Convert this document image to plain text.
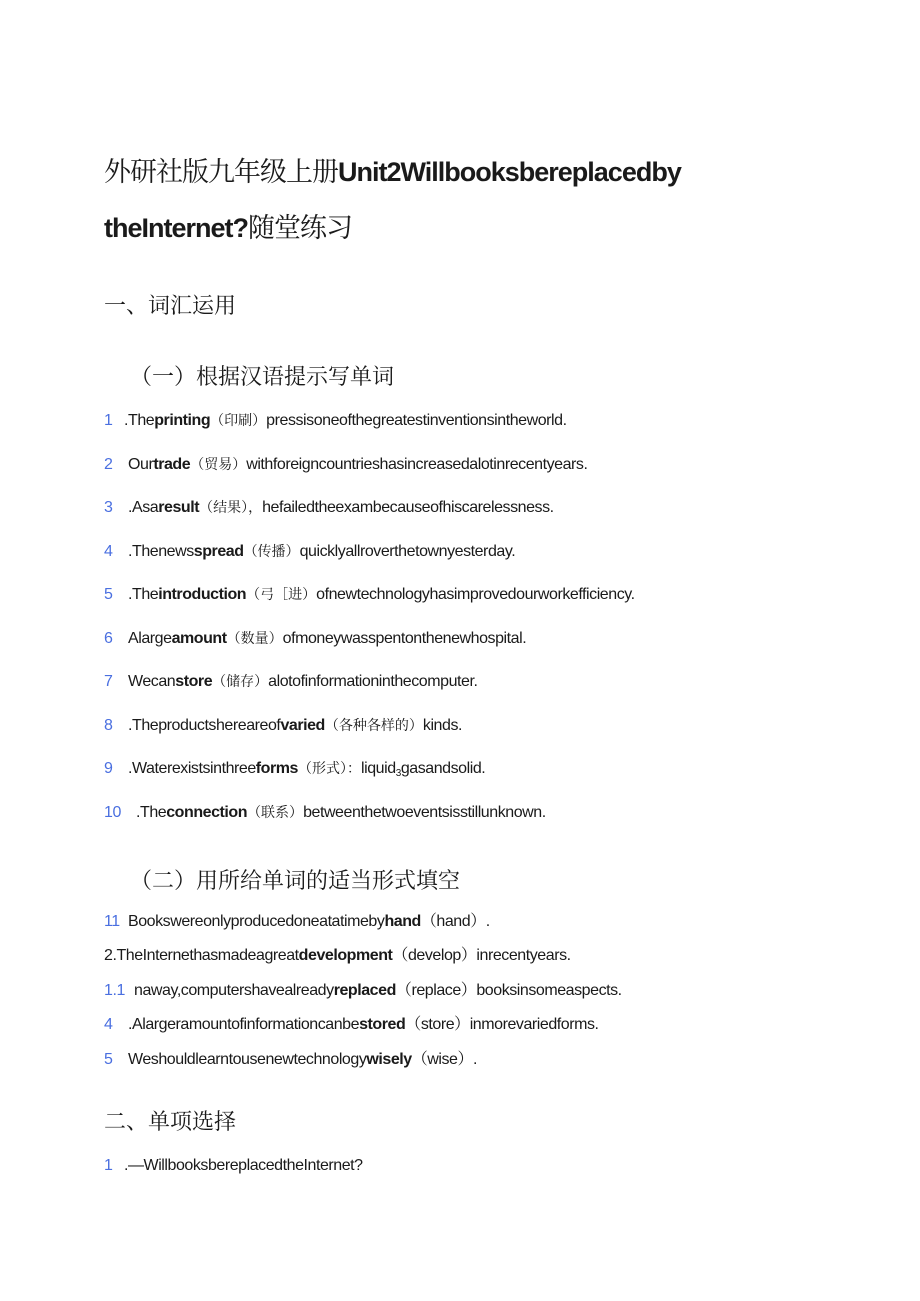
外研社版九年级上册Unit2Willbooksbereplacedby
theInternet?随堂练习
一、词汇运用
（一）根据汉语提示写单词
1 .Theprinting（印刷）pressisoneofthegreatestinventionsintheworld.
2 Ourtrade（贸易）withforeigncountrieshasincreasedalotinrecentyears.
3 .Asaresult（结果），hefailedtheexambecauseofhiscarelessness.
4 .Thenewsspread（传播）quicklyallroverthetownyesterday.
5 .Theintroduction（弓［进）ofnewtechnologyhasimprovedourworkefficiency.
6 Alargeamount（数量）ofmoneywasspentonthenewhospital.
7 Wecanstore（储存）alotofinformationinthecomputer.
8 .Theproductshereareofvaried（各种各样的）kinds.
9 .Waterexistsinthreeforms（形式）：liquid3gasandsolid.
10 .Theconnection（联系）betweenthetwoeventsisstillunknown.
（二）用所给单词的适当形式填空
11 Bookswereonlyproducedoneatatimebyhand（hand）.
2.TheInternethasmadeagreatdevelopment（develop）inrecentyears.
1.1 naway,computershavealreadyreplaced（replace）booksinsomeaspects.
4 .Alargeramountofinformationcanbestored（store）inmorevariedforms.
5 Weshouldlearntousenewtechnologywisely（wise）.
二、单项选择
1 .—WillbooksbereplacedtheInternet?
